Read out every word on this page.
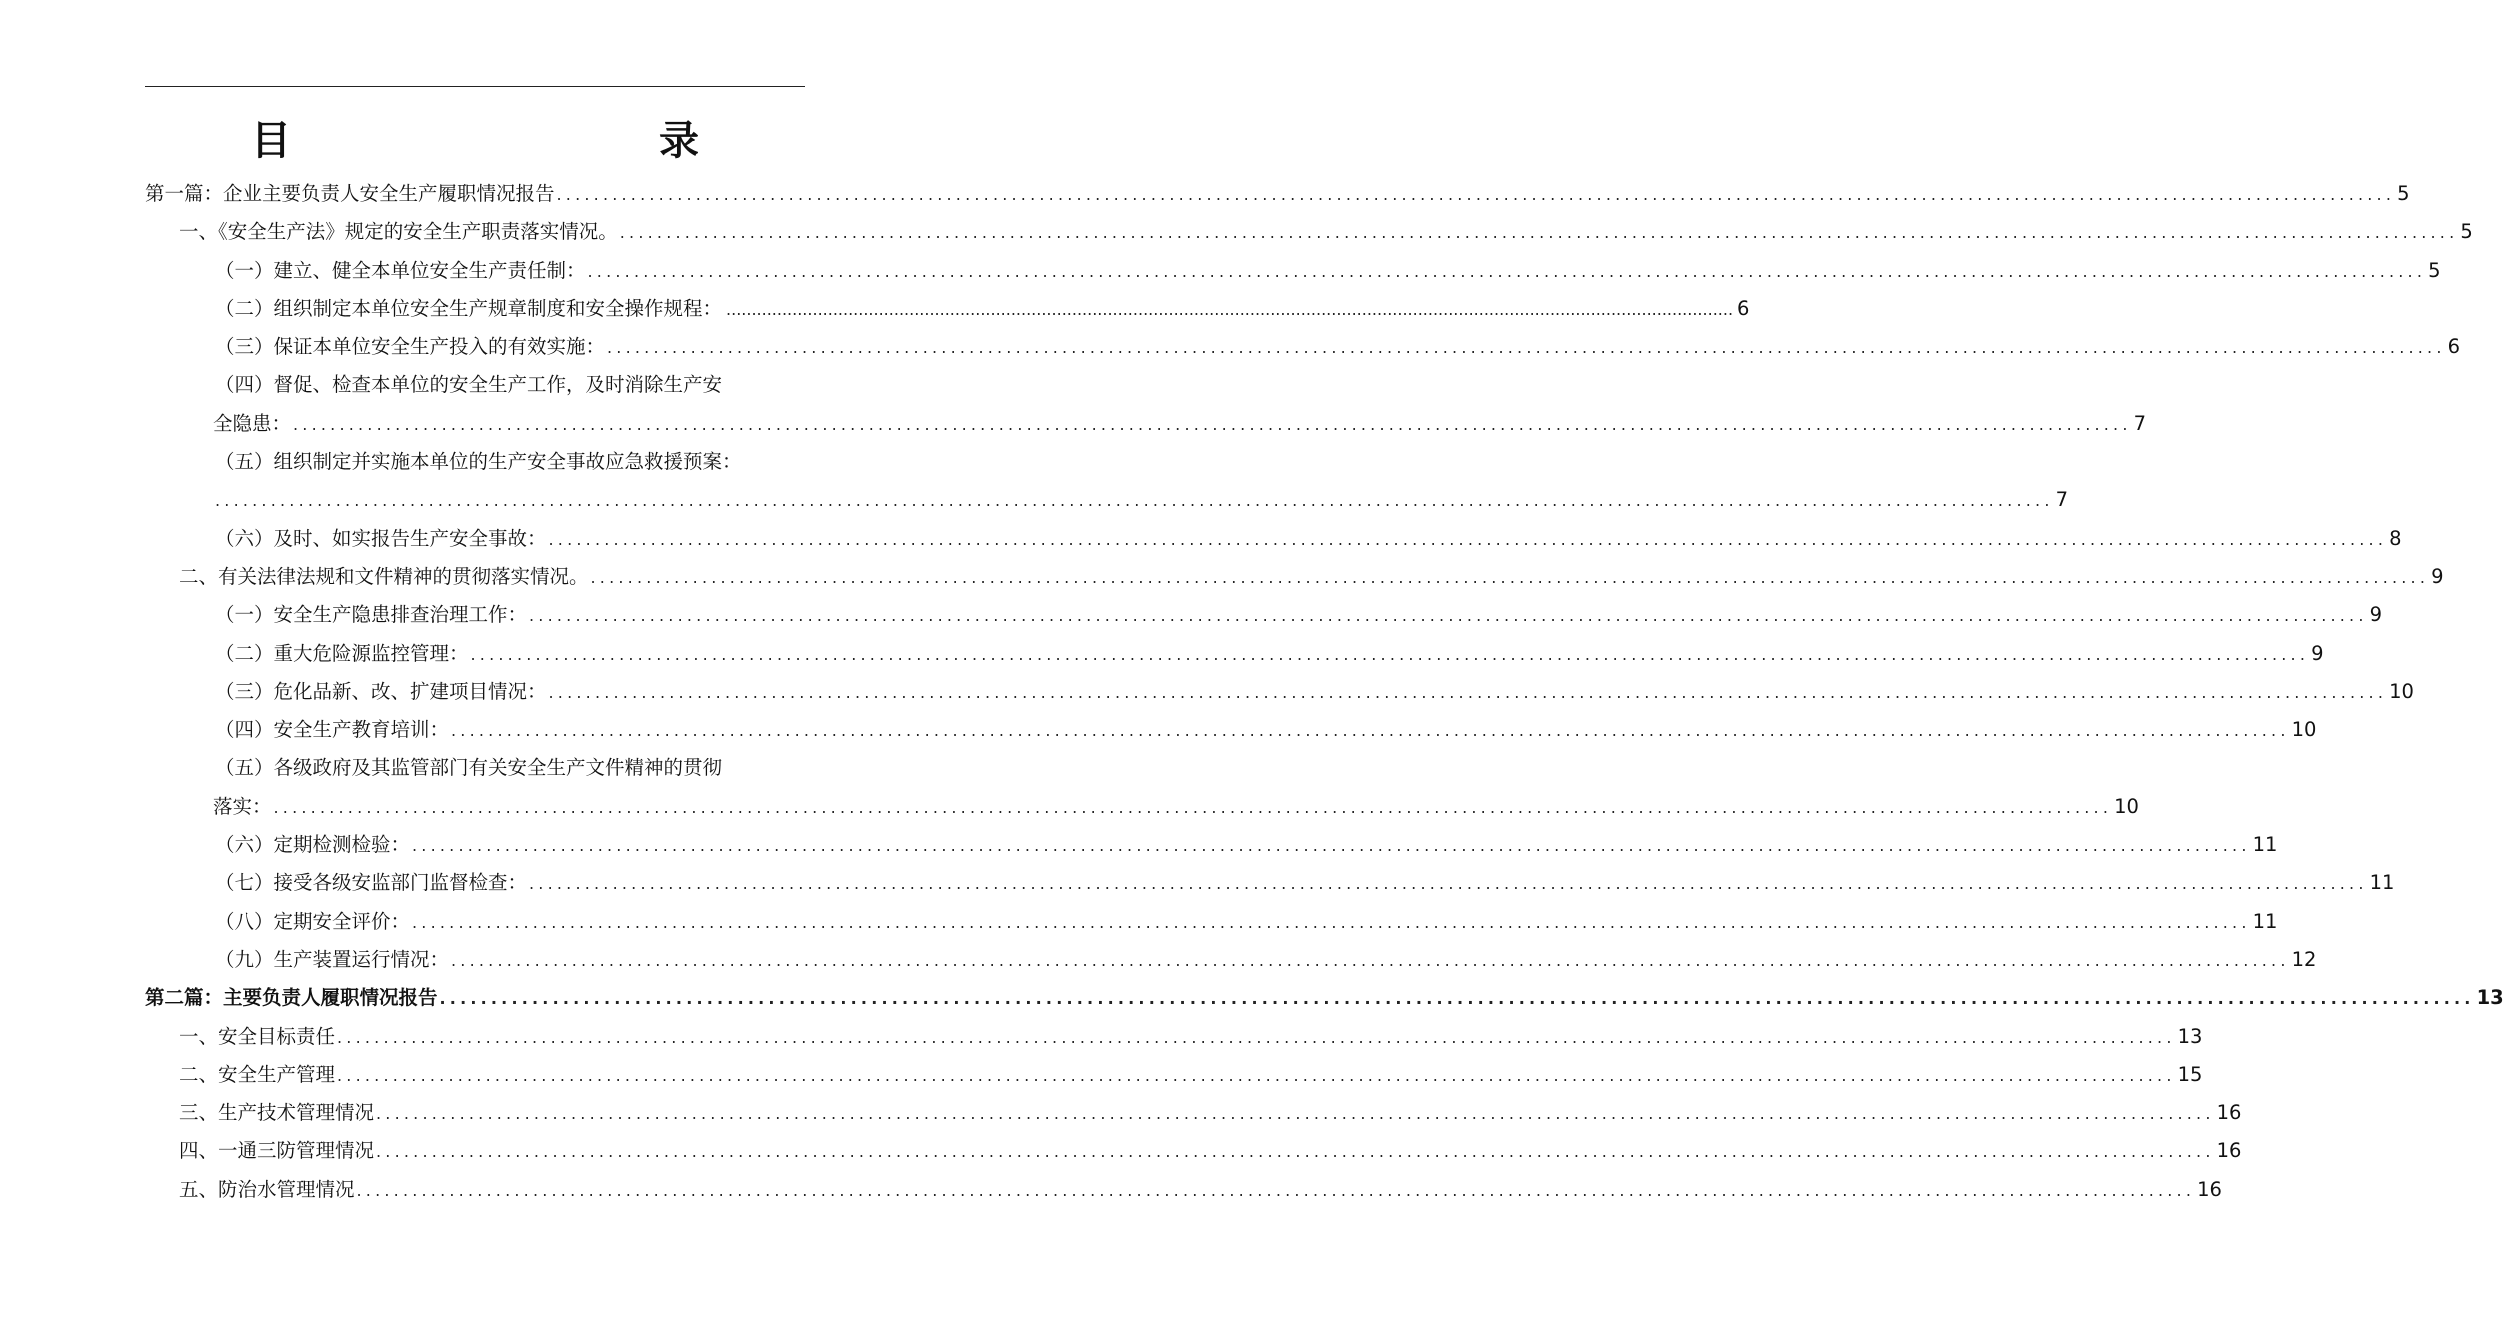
目　　录
第一篇：企业主要负责人安全生产履职情况报告 ...................................................................................................................................................................................................... 5
一、《安全生产法》规定的安全生产职责落实情况。 ...................................................................................................................................................................................................... 5
（一）建立、健全本单位安全生产责任制： ...................................................................................................................................................................................................... 5
（二）组织制定本单位安全生产规章制度和安全操作规程： ...................................................................................................................................................................................................... 6
（三）保证本单位安全生产投入的有效实施： ...................................................................................................................................................................................................... 6
（四）督促、检查本单位的安全生产工作，及时消除生产安
全隐患： ...................................................................................................................................................................................................... 7
（五）组织制定并实施本单位的生产安全事故应急救援预案：
...................................................................................................................................................................................................... 7
（六）及时、如实报告生产安全事故： ...................................................................................................................................................................................................... 8
二、有关法律法规和文件精神的贯彻落实情况。 ...................................................................................................................................................................................................... 9
（一）安全生产隐患排查治理工作： ...................................................................................................................................................................................................... 9
（二）重大危险源监控管理： ...................................................................................................................................................................................................... 9
（三）危化品新、改、扩建项目情况： ...................................................................................................................................................................................................... 10
（四）安全生产教育培训： ...................................................................................................................................................................................................... 10
（五）各级政府及其监管部门有关安全生产文件精神的贯彻
落实： ...................................................................................................................................................................................................... 10
（六）定期检测检验： ...................................................................................................................................................................................................... 11
（七）接受各级安监部门监督检查： ...................................................................................................................................................................................................... 11
（八）定期安全评价： ...................................................................................................................................................................................................... 11
（九）生产装置运行情况： ...................................................................................................................................................................................................... 12
第二篇：主要负责人履职情况报告 ...................................................................................................................................................................................................... 13
一、安全目标责任 ...................................................................................................................................................................................................... 13
二、安全生产管理 ...................................................................................................................................................................................................... 15
三、生产技术管理情况 ...................................................................................................................................................................................................... 16
四、一通三防管理情况 ...................................................................................................................................................................................................... 16
五、防治水管理情况 ...................................................................................................................................................................................................... 16
